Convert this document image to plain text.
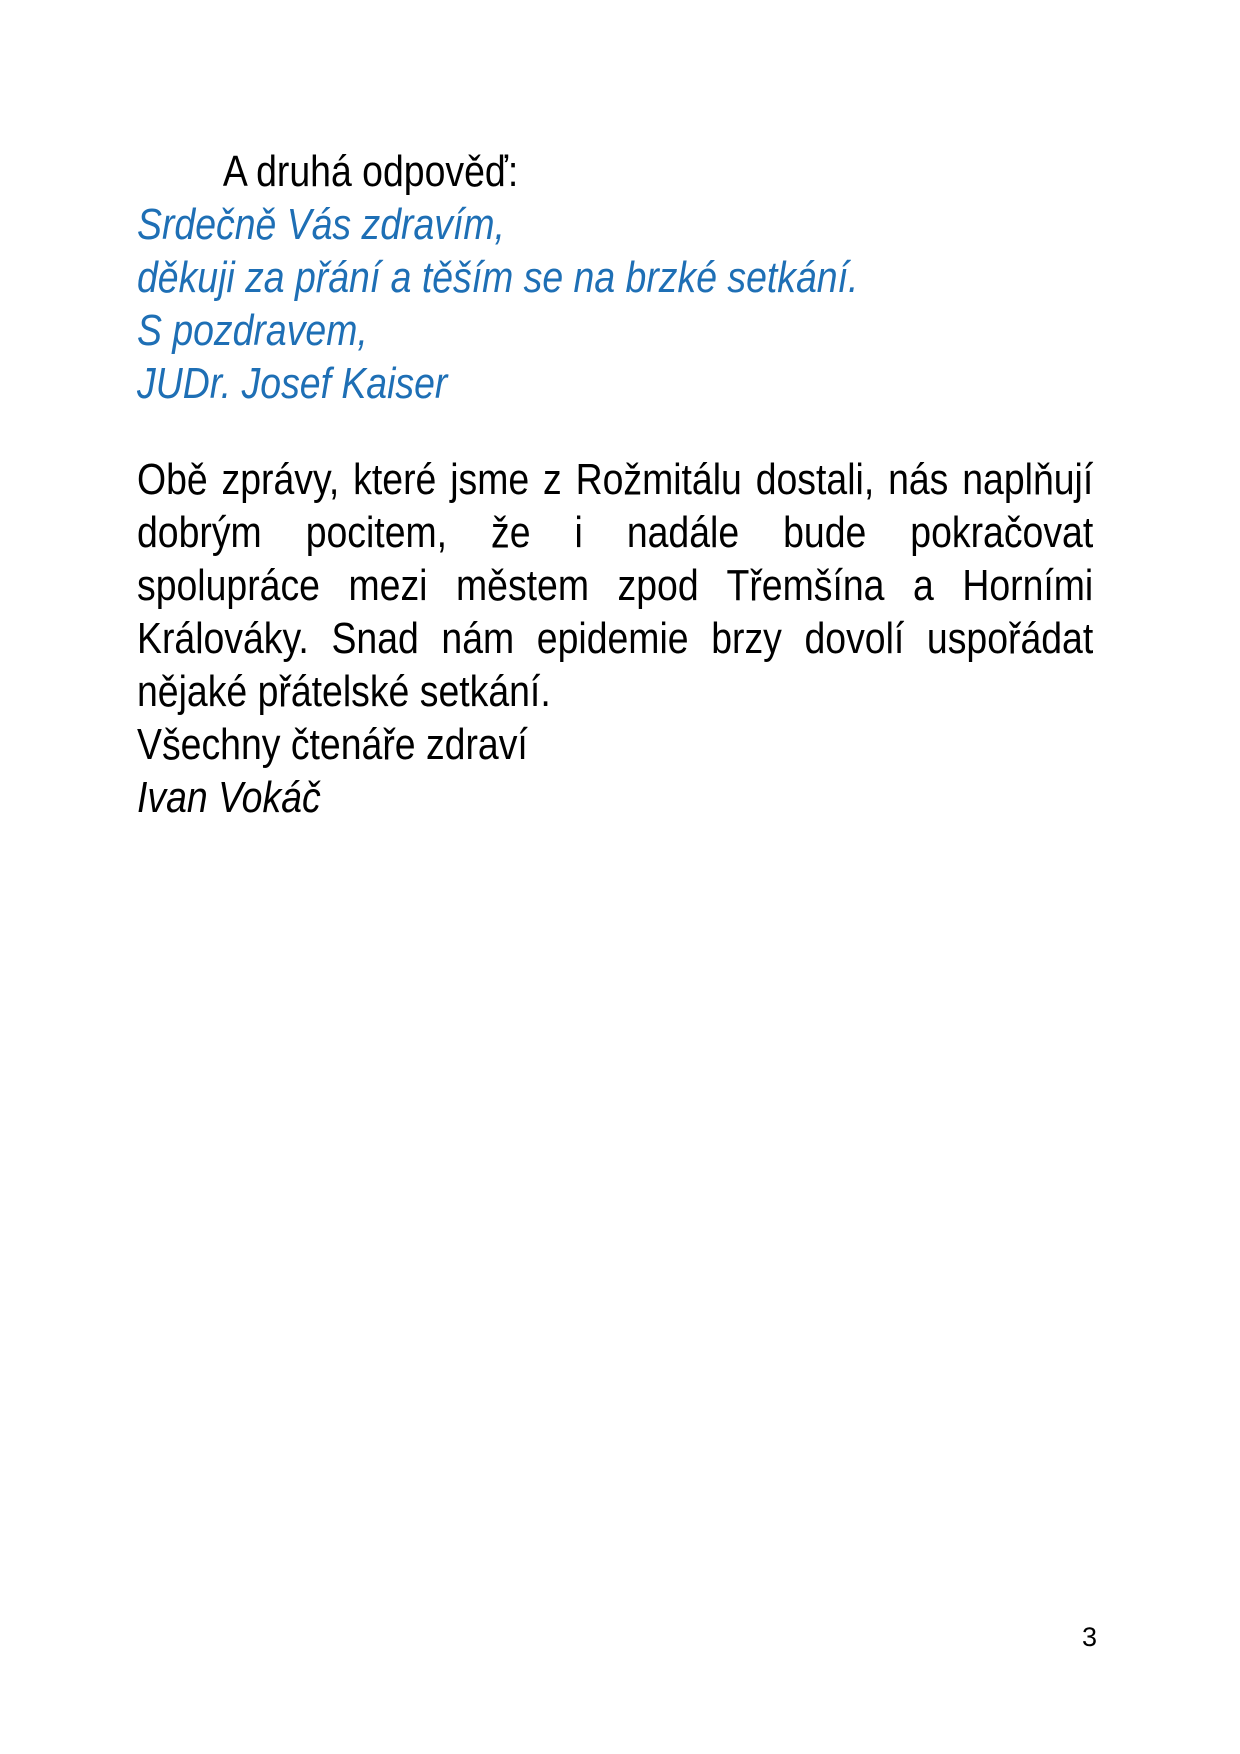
A druhá odpověď:

Srdečně Vás zdravím,

děkuji za přání a těším se na brzké setkání.

S pozdravem,

JUDr. Josef Kaiser

Obě zprávy, které jsme z Rožmitálu dostali, nás naplňují
dobrým pocitem, že i nadále bude pokračovat
spolupráce mezi městem zpod Třemšína a Horními
Králováky. Snad nám epidemie brzy dovolí uspořádat
nějaké přátelské setkání.

Všechny čtenáře zdraví

Ivan Vokáč

3
